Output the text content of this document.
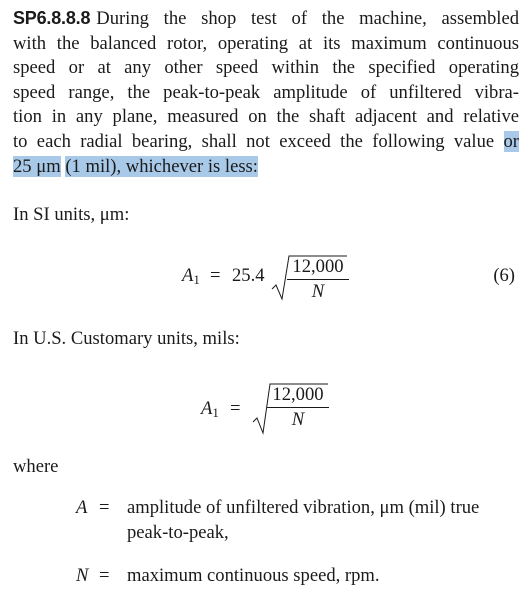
SP6.8.8.8 During the shop test of the machine, assembled
with the balanced rotor, operating at its maximum continuous
speed or at any other speed within the specified operating
speed range, the peak-to-peak amplitude of unfiltered vibra-
tion in any plane, measured on the shaft adjacent and relative
to each radial bearing, shall not exceed the following value or
25 μm (1 mil), whichever is less:
In SI units, μm:
$A_1 = 25.4 \frac{12,000}{N}$	(6)
In U.S. Customary units, mils:
$A_1 = \frac{12,000}{N}$
where
A = amplitude of unfiltered vibration, μm (mil) true
peak-to-peak,
N = maximum continuous speed, rpm.
